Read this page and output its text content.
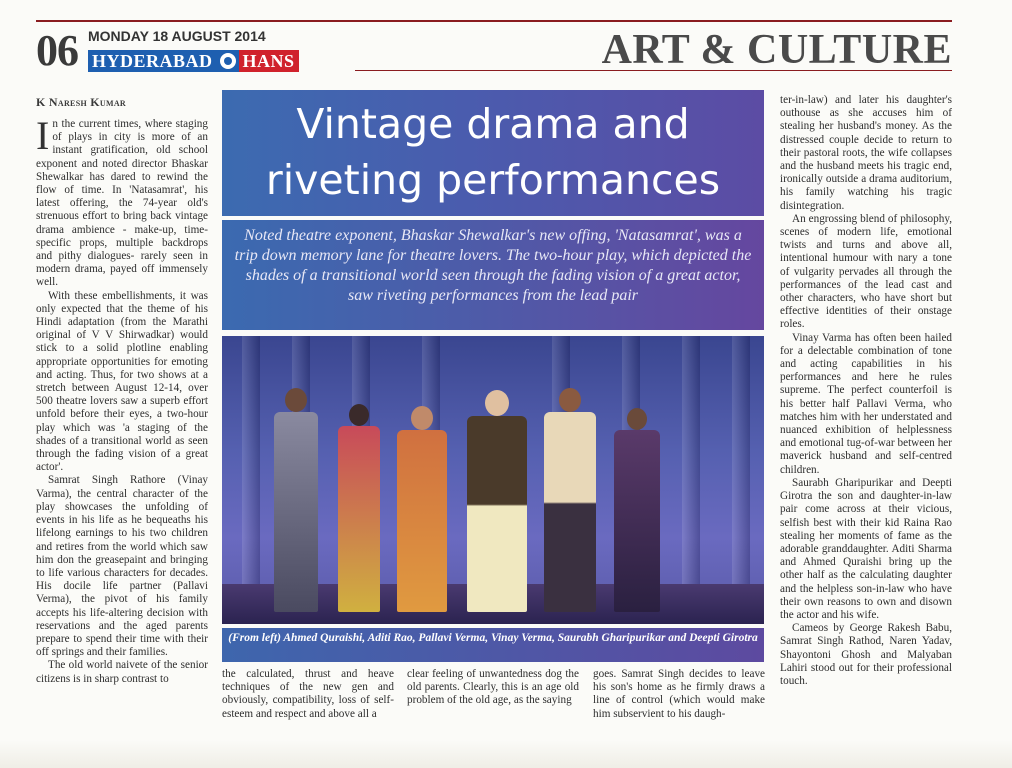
06 MONDAY 18 AUGUST 2014
HYDERABAD HANS	ART & CULTURE
K Naresh Kumar

In the current times, where staging of plays in city is more of an instant gratification, old school exponent and noted director Bhaskar Shewalkar has dared to rewind the flow of time. In 'Natasamrat', his latest offering, the 74-year old's strenuous effort to bring back vintage drama ambience - make-up, time-specific props, multiple backdrops and pithy dialogues- rarely seen in modern drama, payed off immensely well.

With these embellishments, it was only expected that the theme of his Hindi adaptation (from the Marathi original of V V Shirwadkar) would stick to a solid plotline enabling appropriate opportunities for emoting and acting. Thus, for two shows at a stretch between August 12-14, over 500 theatre lovers saw a superb effort unfold before their eyes, a two-hour play which was 'a staging of the shades of a transitional world as seen through the fading vision of a great actor'.

Samrat Singh Rathore (Vinay Varma), the central character of the play showcases the unfolding of events in his life as he bequeaths his lifelong earnings to his two children and retires from the world which saw him don the greasepaint and bringing to life various characters for decades. His docile life partner (Pallavi Verma), the pivot of his family accepts his life-altering decision with reservations and the aged parents prepare to spend their time with their off springs and their families.

The old world naivete of the senior citizens is in sharp contrast to

Vintage drama and
riveting performances
Noted theatre exponent, Bhaskar Shewalkar's new offing, 'Natasamrat', was a trip down memory lane for theatre lovers. The two-hour play, which depicted the shades of a transitional world seen through the fading vision of a great actor, saw riveting performances from the lead pair
(From left) Ahmed Quraishi, Aditi Rao, Pallavi Verma, Vinay Verma, Saurabh Gharipurikar and Deepti Girotra
the calculated, thrust and heave techniques of the new gen and obviously, compatibility, loss of self-esteem and respect and above all a
clear feeling of unwantedness dog the old parents. Clearly, this is an age old problem of the old age, as the saying
goes. Samrat Singh decides to leave his son's home as he firmly draws a line of control (which would make him subservient to his daugh-

ter-in-law) and later his daughter's outhouse as she accuses him of stealing her husband's money. As the distressed couple decide to return to their pastoral roots, the wife collapses and the husband meets his tragic end, ironically outside a drama auditorium, his family watching his tragic disintegration.

An engrossing blend of philosophy, scenes of modern life, emotional twists and turns and above all, intentional humour with nary a tone of vulgarity pervades all through the performances of the lead cast and other characters, who have short but effective identities of their onstage roles.

Vinay Varma has often been hailed for a delectable combination of tone and acting capabilities in his performances and here he rules supreme. The perfect counterfoil is his better half Pallavi Verma, who matches him with her understated and nuanced exhibition of helplessness and emotional tug-of-war between her maverick husband and self-centred children.

Saurabh Gharipurikar and Deepti Girotra the son and daughter-in-law pair come across at their vicious, selfish best with their kid Raina Rao stealing her moments of fame as the adorable granddaughter. Aditi Sharma and Ahmed Quraishi bring up the other half as the calculating daughter and the helpless son-in-law who have their own reasons to own and disown the actor and his wife.

Cameos by George Rakesh Babu, Samrat Singh Rathod, Naren Yadav, Shayontoni Ghosh and Malyaban Lahiri stood out for their professional touch.
